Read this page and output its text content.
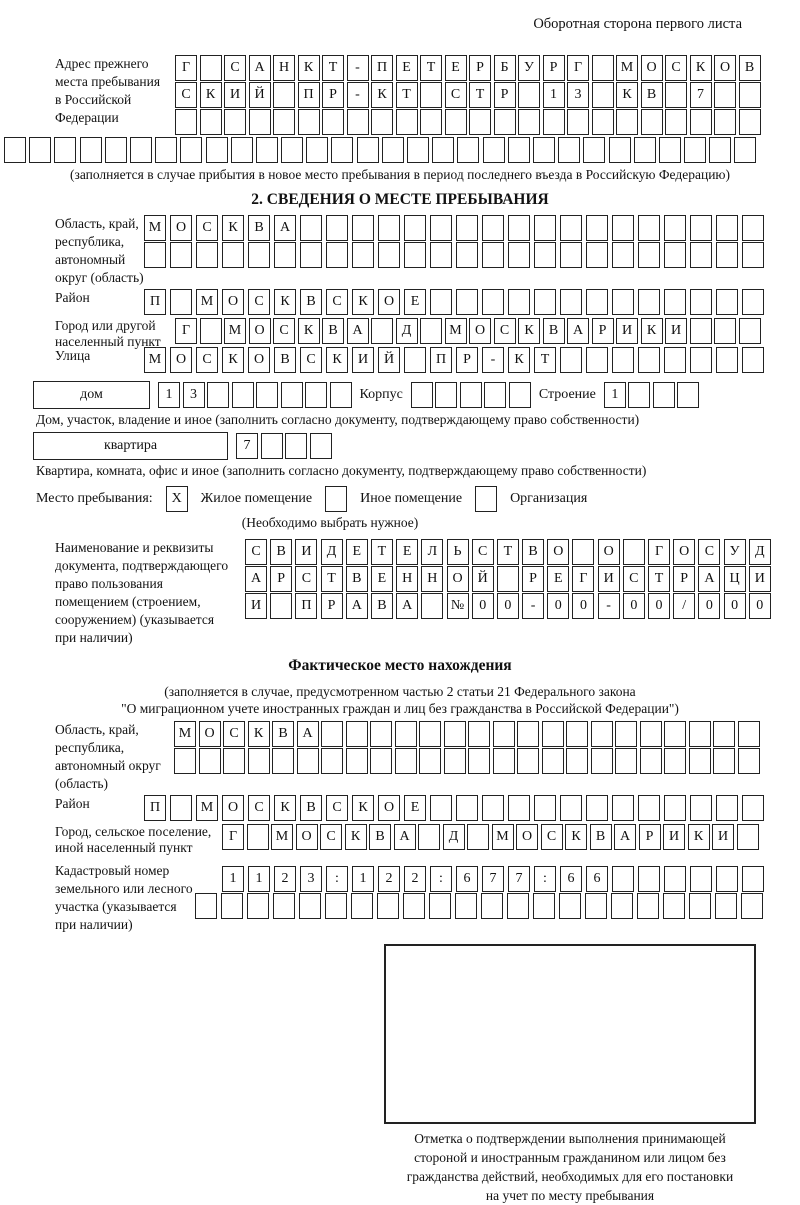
Оборотная сторона первого листа
Адрес прежнего
места пребывания
в Российской
Федерации
Г	С	А	Н	К	Т	-	П	Е	Т	Е	Р	Б	У	Р	Г	М О	С	К	О	В
С	К	И	Й	П	Р	-	К	Т	С	Т	Р	1	3	К	В	7
(заполняется в случае прибытия в новое место пребывания в период последнего въезда в Российскую Федерацию)
2. СВЕДЕНИЯ О МЕСТЕ ПРЕБЫВАНИЯ
Область, край,
республика,
автономный
округ (область)
М	О	С	К	В	А
Район	П	М	О	С	К	В	С	К	О	Е
Город или другой
населенный пункт
Г	М О	С	К	В	А	Д	М О	С	К	В	А	Р	И	К	И
Улица	М	О	С	К	О	В	С	К	И	Й	П	Р	-	К	Т
дом	1	3	Корпус	Строение	1
Дом, участок, владение и иное (заполнить согласно документу, подтверждающему право собственности)
квартира	7
Квартира, комната, офис и иное (заполнить согласно документу, подтверждающему право собственности)
Место пребывания:	X	Жилое помещение	Иное помещение	Организация
(Необходимо выбрать нужное)
Наименование и реквизиты
документа, подтверждающего
право пользования
помещением (строением,
сооружением) (указывается
при наличии)
С	В	И	Д	Е	Т	Е	Л	Ь	С	Т	В	О	О	Г	О	С	У	Д
А	Р	С	Т	В	Е	Н	Н	О	Й	Р	Е	Г	И	С	Т	Р	А	Ц	И
И	П	Р	А	В	А	№	0	0	-	0	0	-	0	0	/	0	0	0
Фактическое место нахождения
(заполняется в случае, предусмотренном частью 2 статьи 21 Федерального закона
"О миграционном учете иностранных граждан и лиц без гражданства в Российской Федерации")
Область, край,
республика,
автономный округ
(область)
М О	С	К	В	А
Район	П	М	О	С	К	В	С	К	О	Е
Город, сельское поселение,
иной населенный пункт
Г	М О	С	К	В	А	Д	М О	С	К	В	А	Р	И	К	И
Кадастровый номер
земельного или лесного
участка (указывается
при наличии)
1	1	2	3	:	1	2	2	:	6	7	7	:	6	6
Отметка о подтверждении выполнения принимающей
стороной и иностранным гражданином или лицом без
гражданства действий, необходимых для его постановки
на учет по месту пребывания
